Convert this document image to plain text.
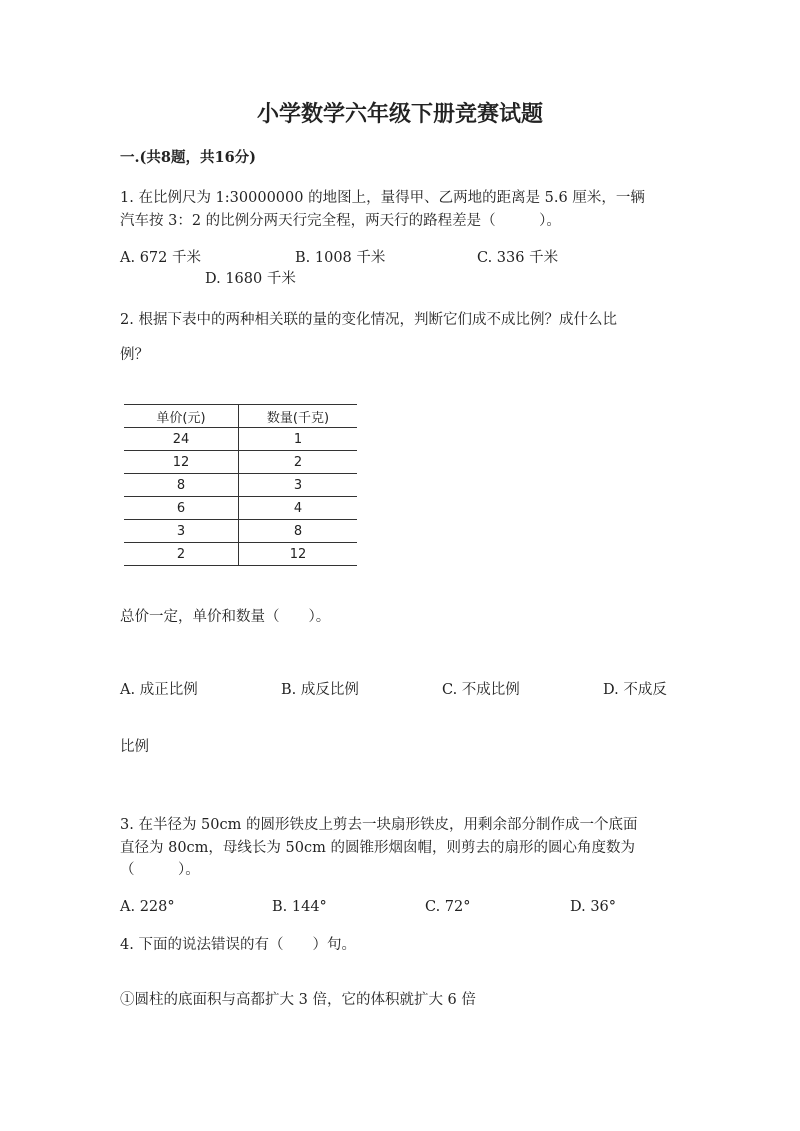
小学数学六年级下册竞赛试题
一.(共8题，共16分)
1. 在比例尺为 1:30000000 的地图上，量得甲、乙两地的距离是 5.6 厘米，一辆
汽车按 3：2 的比例分两天行完全程，两天行的路程差是（　　　）。
A. 672 千米	B. 1008 千米	C. 336 千米
D. 1680 千米
2. 根据下表中的两种相关联的量的变化情况，判断它们成不成比例？成什么比
例？
单价(元)	数量(千克)
24	1
12	2
8	3
6	4
3	8
2	12
总价一定，单价和数量（　　）。
A. 成正比例	B. 成反比例	C. 不成比例	D. 不成反
比例
3. 在半径为 50cm 的圆形铁皮上剪去一块扇形铁皮，用剩余部分制作成一个底面
直径为 80cm，母线长为 50cm 的圆锥形烟囱帽，则剪去的扇形的圆心角度数为
（　　　）。
A. 228°	B. 144°	C. 72°	D. 36°
4. 下面的说法错误的有（　　）句。
①圆柱的底面积与高都扩大 3 倍，它的体积就扩大 6 倍
